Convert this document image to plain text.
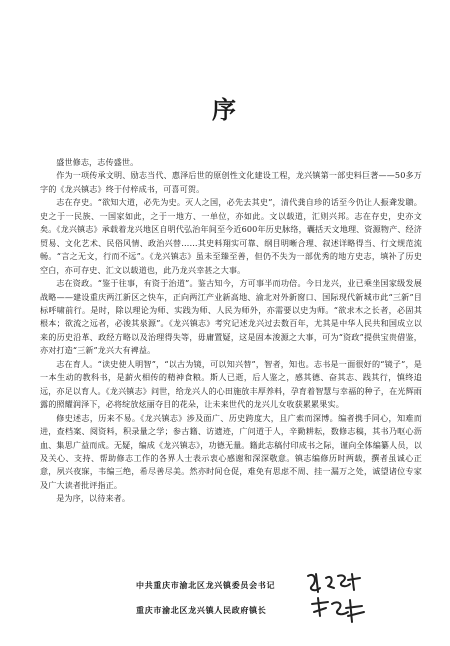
序

盛世修志，志传盛世。

作为一项传承文明、励志当代、惠泽后世的原创性文化建设工程，龙兴镇第一部史料巨著——50多万字的《龙兴镇志》终于付梓成书，可喜可贺。

志在存史。“欲知大道，必先为史。灭人之国，必先去其史”，清代龚自珍的话至今仍让人振聋发聩。史之于一民族、一国家如此，之于一地方、一单位，亦如此。文以载道，汇则兴邦。志在存史，史亦文矣。《龙兴镇志》承载着龙兴地区自明代弘治年间至今近600年历史脉络，囊括天文地理、资源物产、经济贸易、文化艺术、民俗风情、政治兴替……其史料翔实可靠、纲目明晰合理、叙述详略得当、行文规范流畅。“言之无文，行而不远”。《龙兴镇志》虽未至臻至善，但仍不失为一部优秀的地方史志，填补了历史空白，亦可存史、汇文以载道也，此乃龙兴幸甚之大事。

志在资政。“鉴于往事，有资于治道”。鉴古知今，方可事半而功倍。今日龙兴，业已乘坐国家级发展战略——建设重庆两江新区之快车，正向两江产业新高地、渝北对外新窗口、国际现代新城市此“三新”目标呼啸前行。是时，除以理论为师、实践为师、人民为师外，亦需要以史为师。“欲求木之长者，必固其根本；欲流之远者，必浚其泉源”。《龙兴镇志》考究记述龙兴过去数百年，尤其是中华人民共和国成立以来的历史沿革、政经方略以及治理得失等，毋庸置疑，这是固本浚源之大事，可为“资政”提供宝贵借鉴，亦对打造“三新”龙兴大有裨益。

志在育人。“读史使人明智”，“以古为镜，可以知兴替”，智者，知也。志书是一面很好的“镜子”，是一本生动的教科书，是薪火相传的精神食粮。斯人已逝，后人鉴之，感其德、奋其志、践其行，慎终追远，亦足以育人。《龙兴镇志》问世，给龙兴人的心田施放丰厚养料，孕育着智慧与幸福的种子，在光辉雨露的照耀润泽下，必将绽放炫丽夺目的花朵，让未来世代的龙兴儿女收获累累果实。

修史述志，历来不易。《龙兴镇志》涉及面广、历史跨度大，且广索而深博。编者携手同心，知难而进，查档案、阅资料，积录量之学；参古籍、访遗迹，广问道于人，辛勤耕耘，数修志稿，其书乃呕心沥血、集思广益而成。无疑，编成《龙兴镇志》，功德无量。籍此志稿付印成书之际，谨向全体编纂人员，以及关心、支持、帮助修志工作的各界人士表示衷心感谢和深深敬意。镇志编修历时两载，撰者虽诚心正意，夙兴夜寐，韦编三绝，希尽善尽美。然亦时间仓促，难免有思虑不周、挂一漏万之处，诚望诸位专家及广大读者批评指正。

是为序，以待来者。

中共重庆市渝北区龙兴镇委员会书记
重庆市渝北区龙兴镇人民政府镇长
